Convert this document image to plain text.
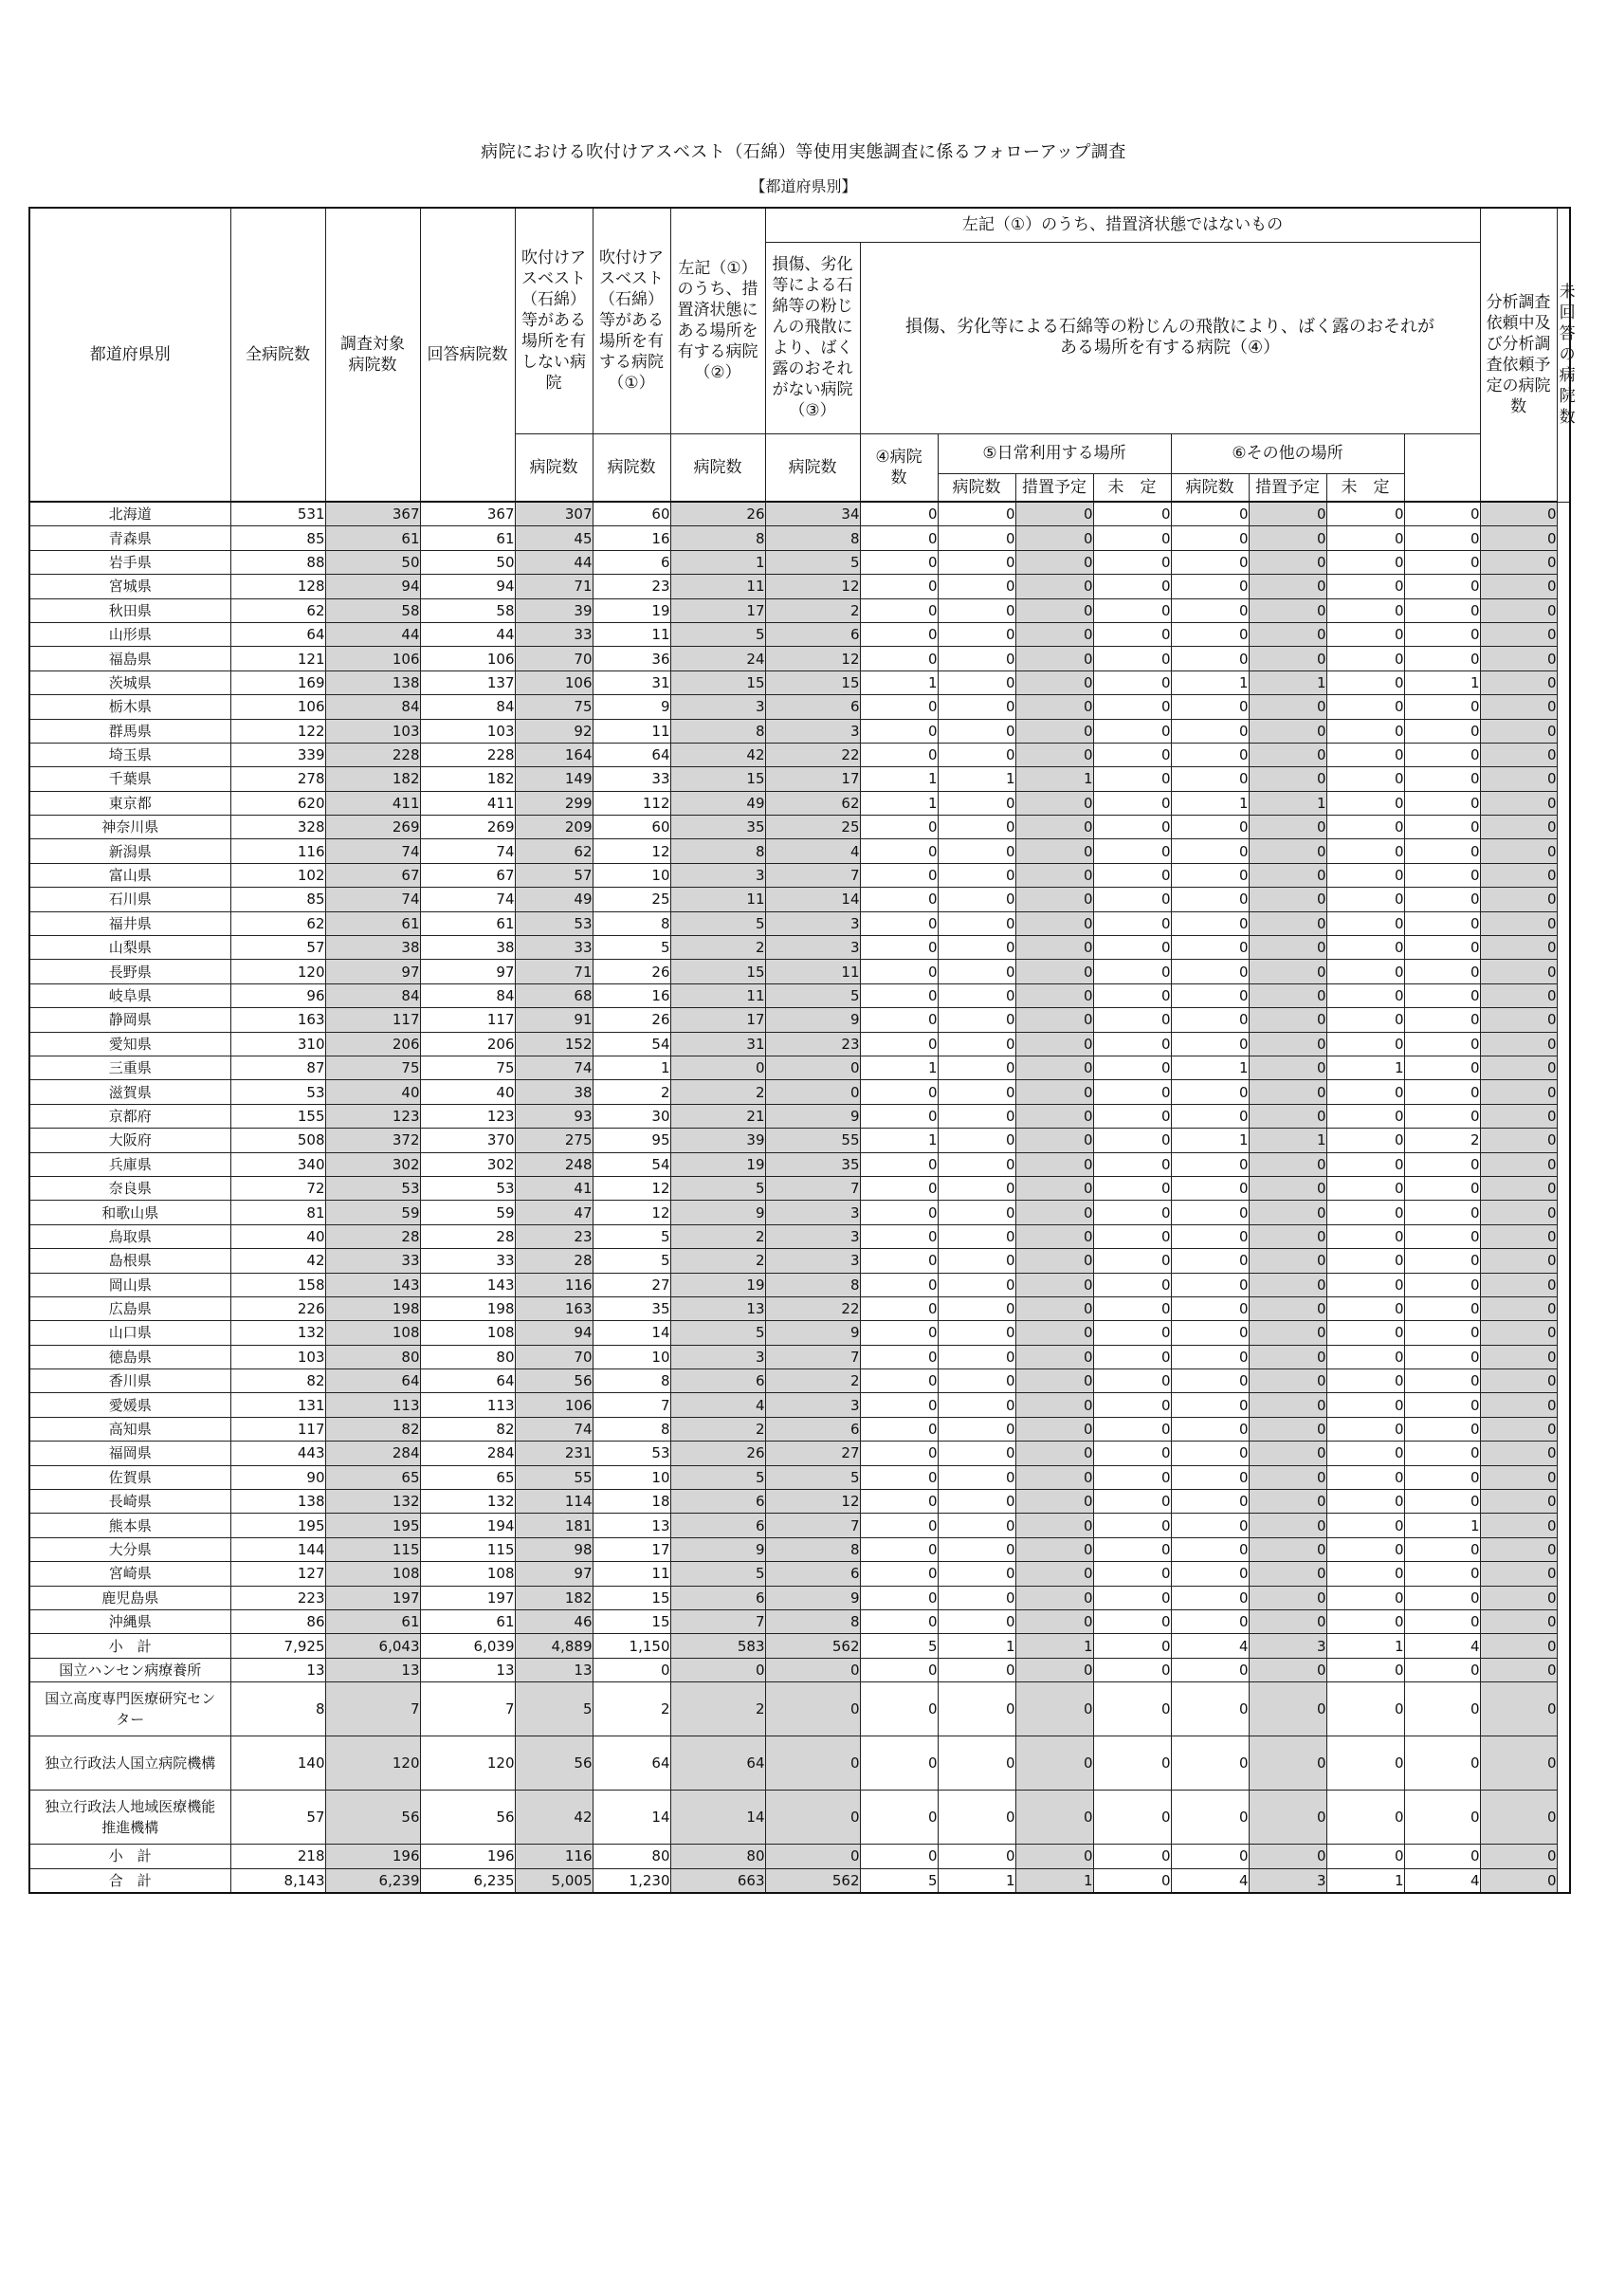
病院における吹付けアスベスト（石綿）等使用実態調査に係るフォローアップ調査
【都道府県別】
都道府県別	全病院数	調査対象病院数	回答病院数	吹付けアスベスト（石綿）等がある場所を有しない病院	吹付けアスベスト（石綿）等がある場所を有する病院（①）	左記（①）のうち、措置済状態にある場所を有する病院（②）	左記（①）のうち、措置済状態ではないもの									分析調査依頼中及び分析調査依頼予定の病院数	未回答の病院数
							損傷、劣化等による石綿等の粉じんの飛散により、ばく露のおそれがない病院（③）	損傷、劣化等による石綿等の粉じんの飛散により、ばく露のおそれがある場所を有する病院（④）									
				病院数	病院数	病院数	病院数	④病院数	⑤日常利用する場所			⑥その他の場所					
									病院数	措置予定	未　定	病院数	措置予定	未　定			
北海道	531	367	367	307	60	26	34	0	0	0	0	0	0	0	0	0	
青森県	85	61	61	45	16	8	8	0	0	0	0	0	0	0	0	0	
岩手県	88	50	50	44	6	1	5	0	0	0	0	0	0	0	0	0	
宮城県	128	94	94	71	23	11	12	0	0	0	0	0	0	0	0	0	
秋田県	62	58	58	39	19	17	2	0	0	0	0	0	0	0	0	0	
山形県	64	44	44	33	11	5	6	0	0	0	0	0	0	0	0	0	
福島県	121	106	106	70	36	24	12	0	0	0	0	0	0	0	0	0	
茨城県	169	138	137	106	31	15	15	1	0	0	0	1	1	0	1	0	
栃木県	106	84	84	75	9	3	6	0	0	0	0	0	0	0	0	0	
群馬県	122	103	103	92	11	8	3	0	0	0	0	0	0	0	0	0	
埼玉県	339	228	228	164	64	42	22	0	0	0	0	0	0	0	0	0	
千葉県	278	182	182	149	33	15	17	1	1	1	0	0	0	0	0	0	
東京都	620	411	411	299	112	49	62	1	0	0	0	1	1	0	0	0	
神奈川県	328	269	269	209	60	35	25	0	0	0	0	0	0	0	0	0	
新潟県	116	74	74	62	12	8	4	0	0	0	0	0	0	0	0	0	
富山県	102	67	67	57	10	3	7	0	0	0	0	0	0	0	0	0	
石川県	85	74	74	49	25	11	14	0	0	0	0	0	0	0	0	0	
福井県	62	61	61	53	8	5	3	0	0	0	0	0	0	0	0	0	
山梨県	57	38	38	33	5	2	3	0	0	0	0	0	0	0	0	0	
長野県	120	97	97	71	26	15	11	0	0	0	0	0	0	0	0	0	
岐阜県	96	84	84	68	16	11	5	0	0	0	0	0	0	0	0	0	
静岡県	163	117	117	91	26	17	9	0	0	0	0	0	0	0	0	0	
愛知県	310	206	206	152	54	31	23	0	0	0	0	0	0	0	0	0	
三重県	87	75	75	74	1	0	0	1	0	0	0	1	0	1	0	0	
滋賀県	53	40	40	38	2	2	0	0	0	0	0	0	0	0	0	0	
京都府	155	123	123	93	30	21	9	0	0	0	0	0	0	0	0	0	
大阪府	508	372	370	275	95	39	55	1	0	0	0	1	1	0	2	0	
兵庫県	340	302	302	248	54	19	35	0	0	0	0	0	0	0	0	0	
奈良県	72	53	53	41	12	5	7	0	0	0	0	0	0	0	0	0	
和歌山県	81	59	59	47	12	9	3	0	0	0	0	0	0	0	0	0	
鳥取県	40	28	28	23	5	2	3	0	0	0	0	0	0	0	0	0	
島根県	42	33	33	28	5	2	3	0	0	0	0	0	0	0	0	0	
岡山県	158	143	143	116	27	19	8	0	0	0	0	0	0	0	0	0	
広島県	226	198	198	163	35	13	22	0	0	0	0	0	0	0	0	0	
山口県	132	108	108	94	14	5	9	0	0	0	0	0	0	0	0	0	
徳島県	103	80	80	70	10	3	7	0	0	0	0	0	0	0	0	0	
香川県	82	64	64	56	8	6	2	0	0	0	0	0	0	0	0	0	
愛媛県	131	113	113	106	7	4	3	0	0	0	0	0	0	0	0	0	
高知県	117	82	82	74	8	2	6	0	0	0	0	0	0	0	0	0	
福岡県	443	284	284	231	53	26	27	0	0	0	0	0	0	0	0	0	
佐賀県	90	65	65	55	10	5	5	0	0	0	0	0	0	0	0	0	
長崎県	138	132	132	114	18	6	12	0	0	0	0	0	0	0	0	0	
熊本県	195	195	194	181	13	6	7	0	0	0	0	0	0	0	1	0	
大分県	144	115	115	98	17	9	8	0	0	0	0	0	0	0	0	0	
宮崎県	127	108	108	97	11	5	6	0	0	0	0	0	0	0	0	0	
鹿児島県	223	197	197	182	15	6	9	0	0	0	0	0	0	0	0	0	
沖縄県	86	61	61	46	15	7	8	0	0	0	0	0	0	0	0	0	
小　計	7,925	6,043	6,039	4,889	1,150	583	562	5	1	1	0	4	3	1	4	0	
国立ハンセン病療養所	13	13	13	13	0	0	0	0	0	0	0	0	0	0	0	0	
国立高度専門医療研究センター	8	7	7	5	2	2	0	0	0	0	0	0	0	0	0	0	
独立行政法人国立病院機構	140	120	120	56	64	64	0	0	0	0	0	0	0	0	0	0	
独立行政法人地域医療機能推進機構	57	56	56	42	14	14	0	0	0	0	0	0	0	0	0	0	
小　計	218	196	196	116	80	80	0	0	0	0	0	0	0	0	0	0	
合　計	8,143	6,239	6,235	5,005	1,230	663	562	5	1	1	0	4	3	1	4	0	
